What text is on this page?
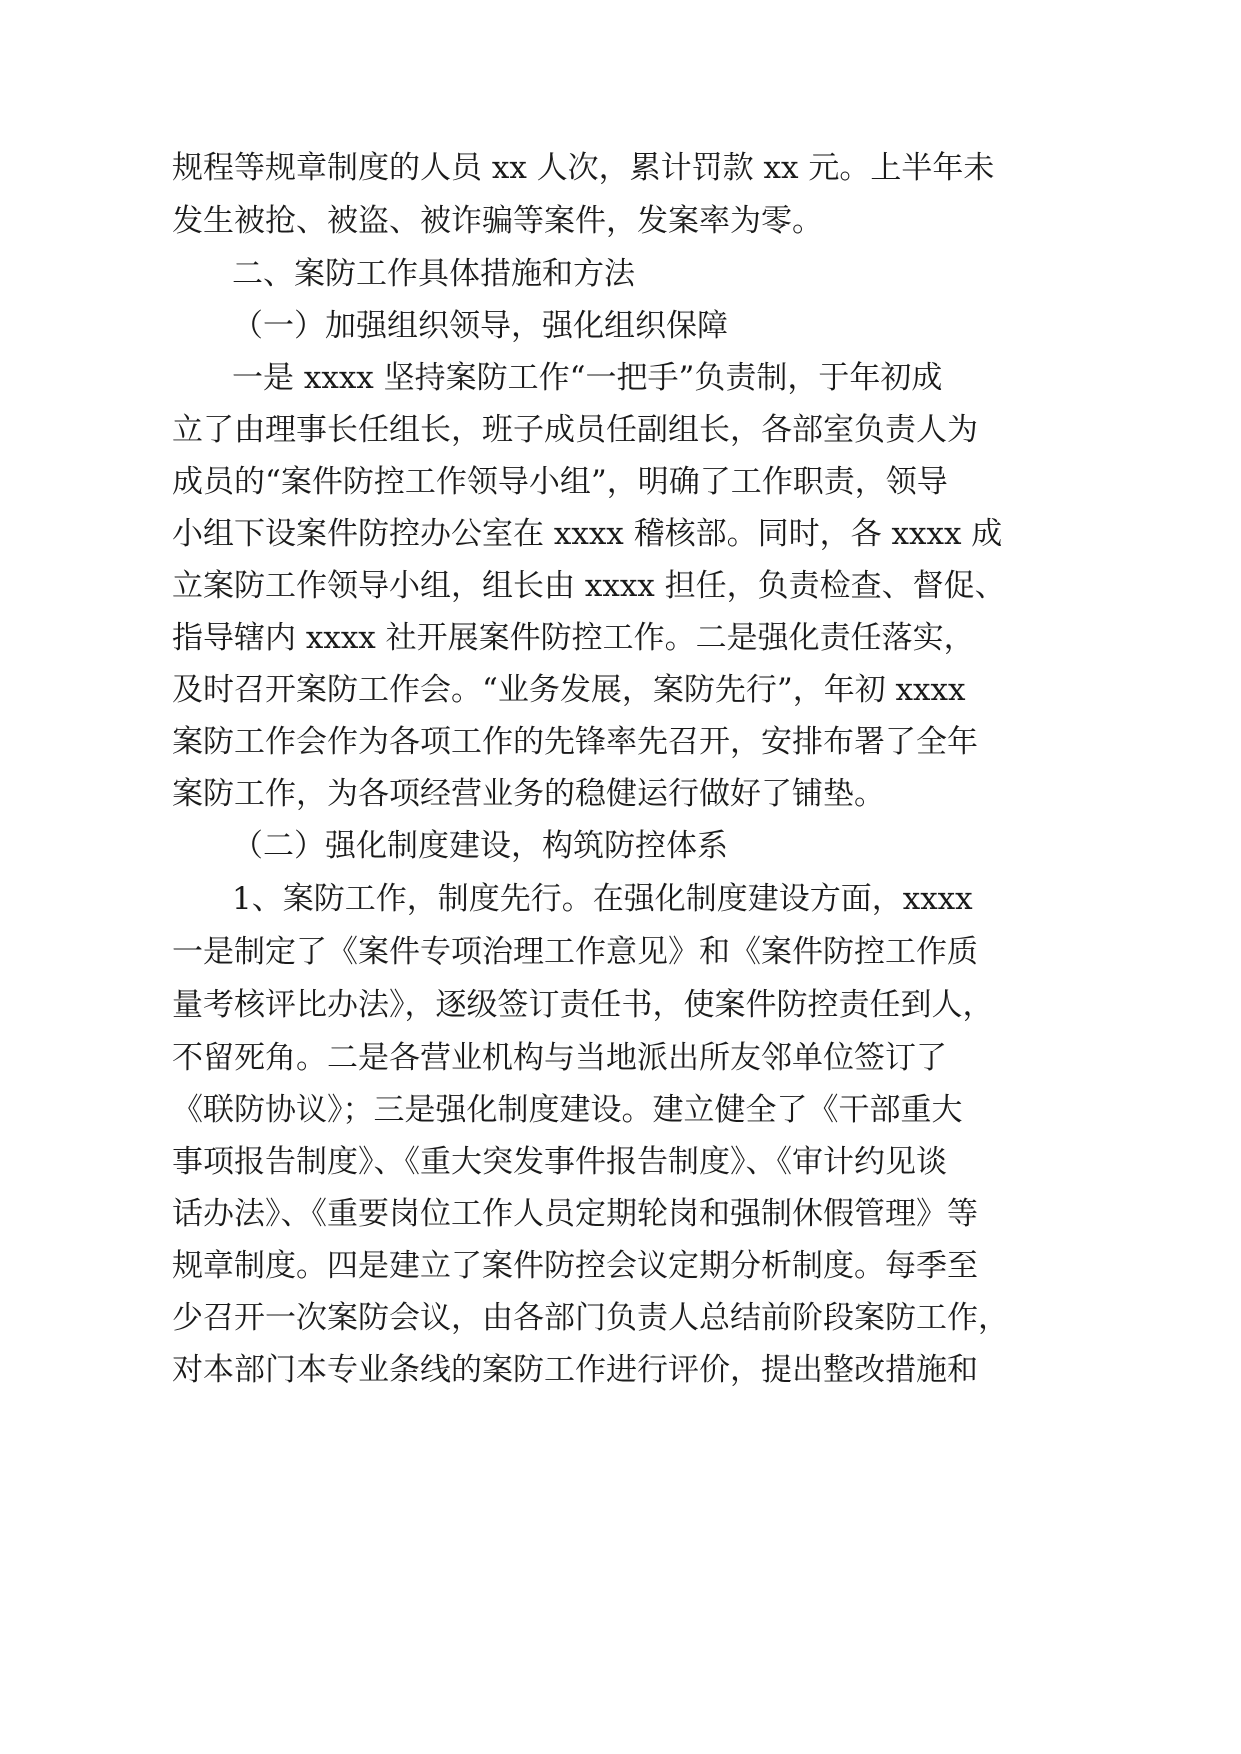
规程等规章制度的人员 xx 人次，累计罚款 xx 元。上半年未
发生被抢、被盗、被诈骗等案件，发案率为零。
二、案防工作具体措施和方法
（一）加强组织领导，强化组织保障
一是 xxxx 坚持案防工作“一把手”负责制，于年初成
立了由理事长任组长，班子成员任副组长，各部室负责人为
成员的“案件防控工作领导小组”，明确了工作职责，领导
小组下设案件防控办公室在 xxxx 稽核部。同时，各 xxxx 成
立案防工作领导小组，组长由 xxxx 担任，负责检查、督促、
指导辖内 xxxx 社开展案件防控工作。二是强化责任落实，
及时召开案防工作会。“业务发展，案防先行”，年初 xxxx
案防工作会作为各项工作的先锋率先召开，安排布署了全年
案防工作，为各项经营业务的稳健运行做好了铺垫。
（二）强化制度建设，构筑防控体系
1、案防工作，制度先行。在强化制度建设方面，xxxx
一是制定了《案件专项治理工作意见》和《案件防控工作质
量考核评比办法》，逐级签订责任书，使案件防控责任到人，
不留死角。二是各营业机构与当地派出所友邻单位签订了
《联防协议》；三是强化制度建设。建立健全了《干部重大
事项报告制度》、《重大突发事件报告制度》、《审计约见谈
话办法》、《重要岗位工作人员定期轮岗和强制休假管理》等
规章制度。四是建立了案件防控会议定期分析制度。每季至
少召开一次案防会议，由各部门负责人总结前阶段案防工作，
对本部门本专业条线的案防工作进行评价，提出整改措施和
